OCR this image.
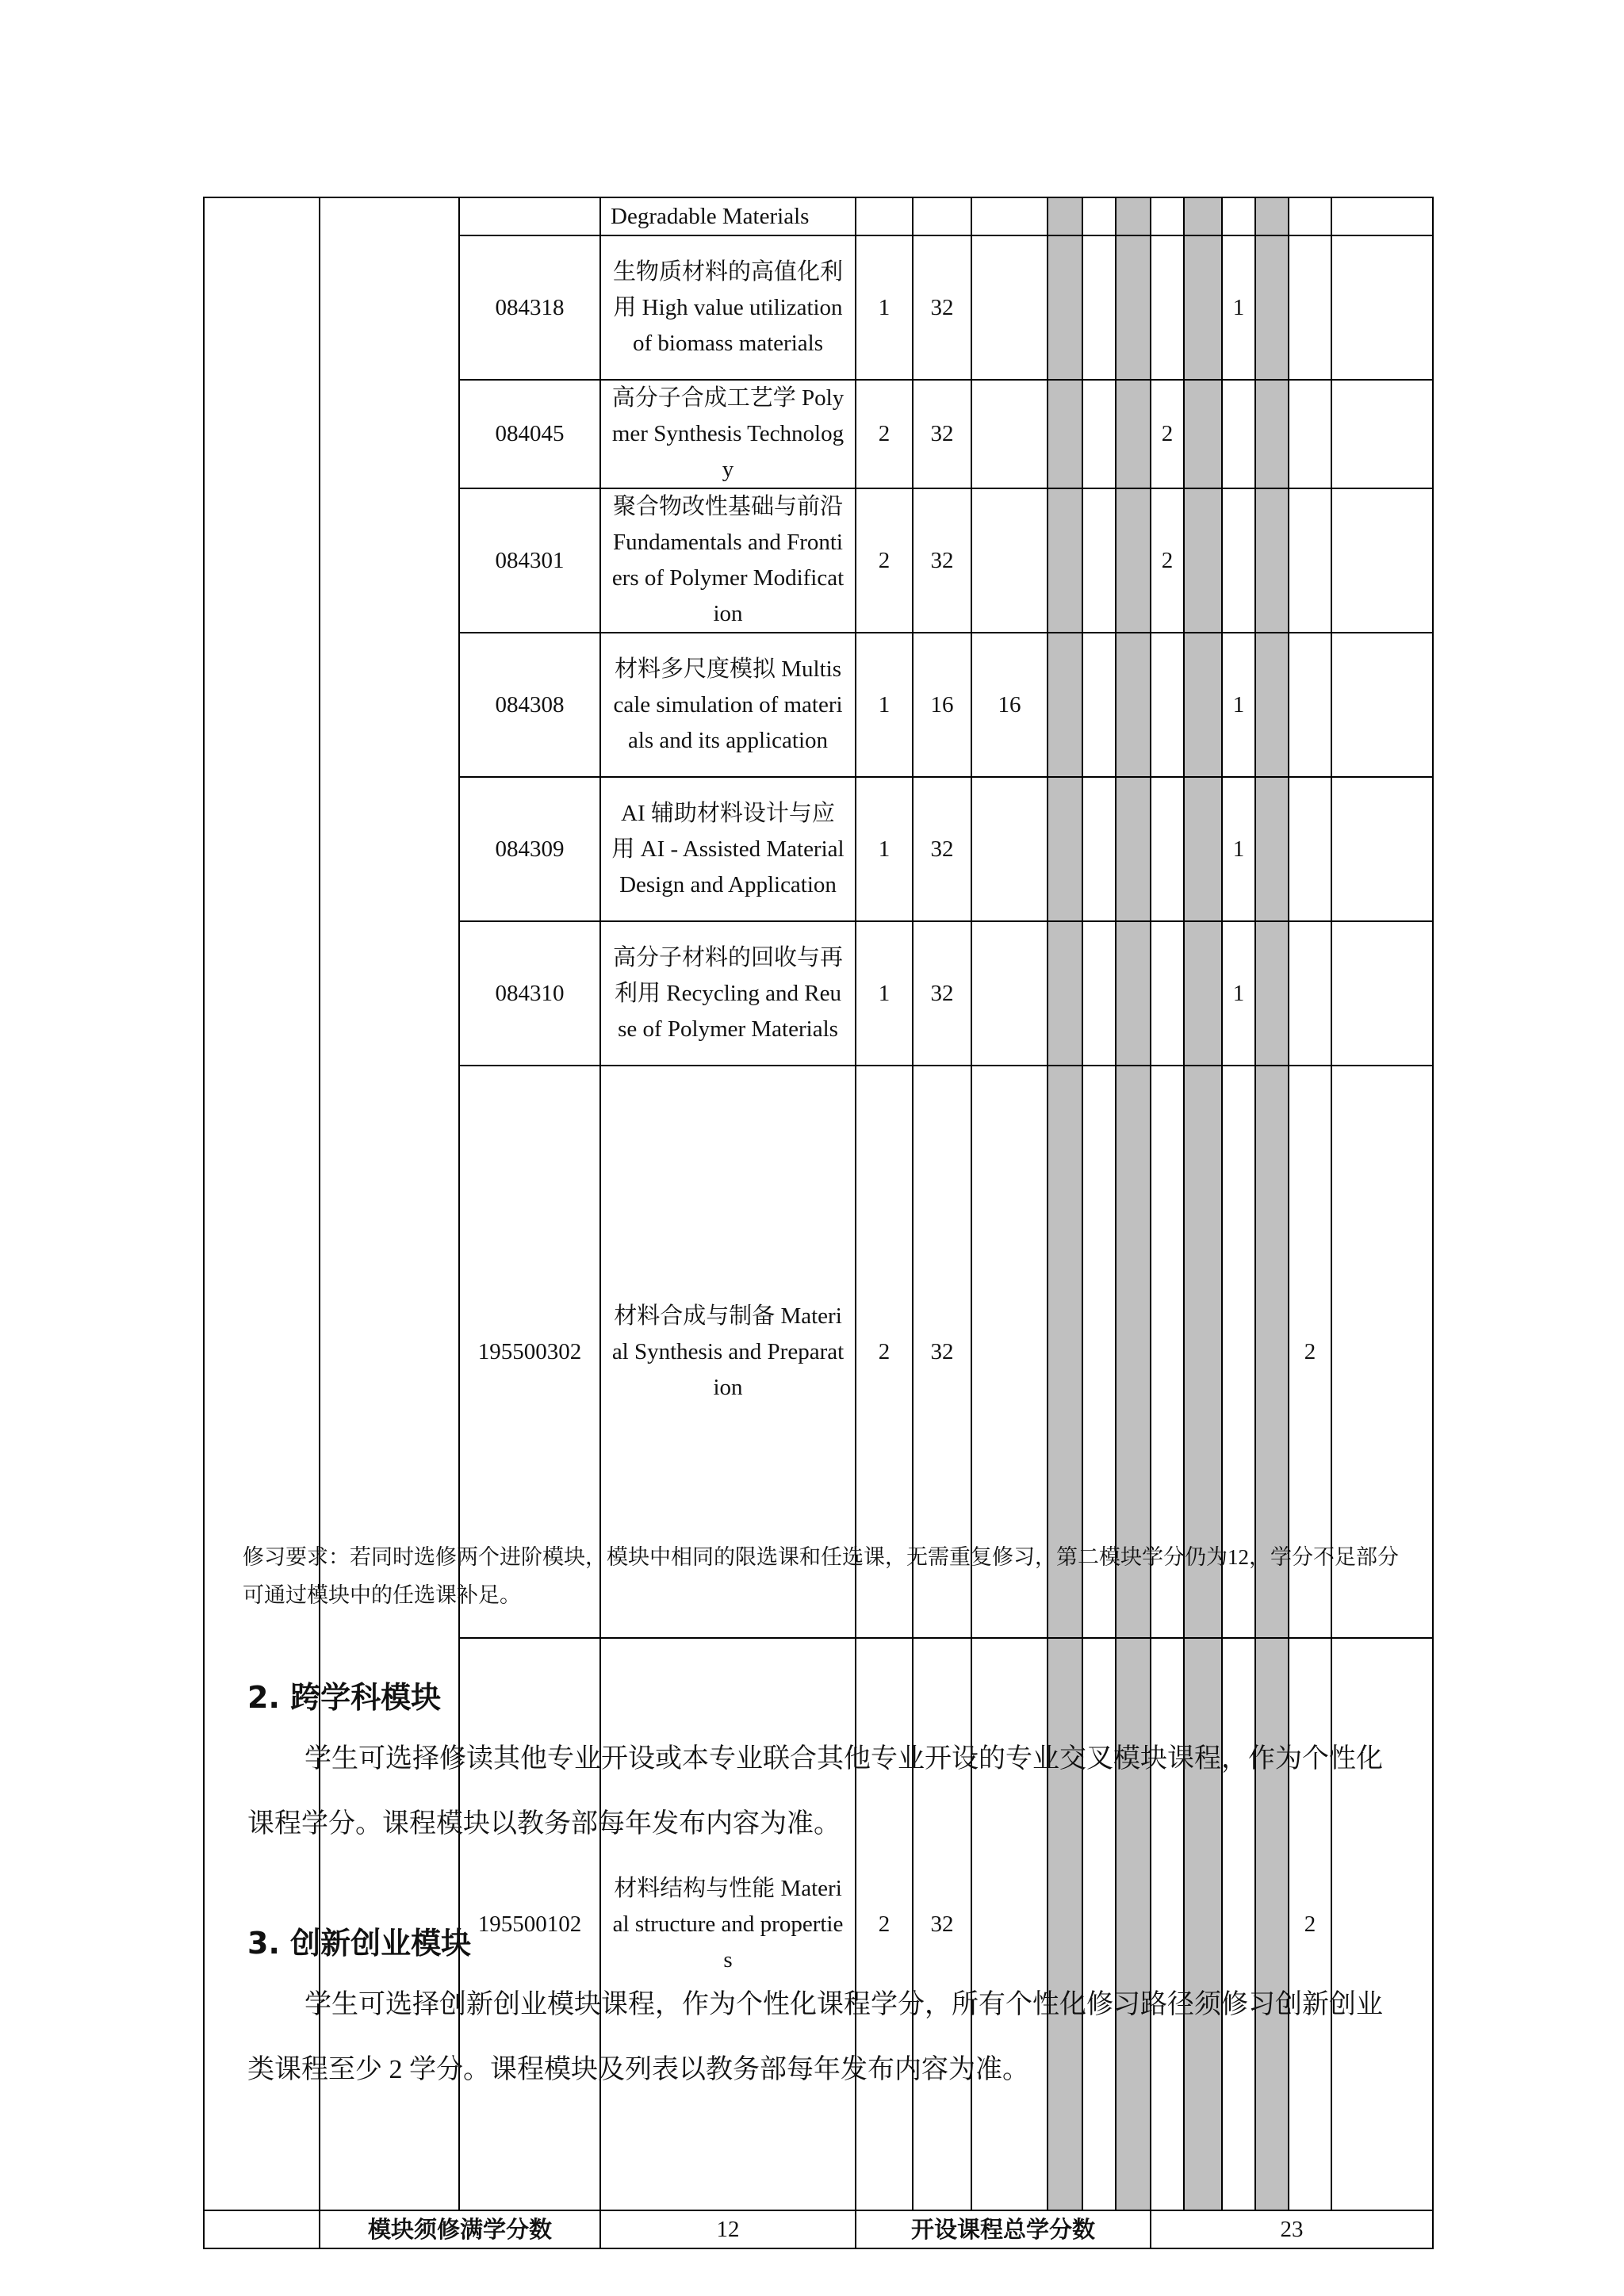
			Degradable Materials													
		084318	生物质材料的高值化利 用 High value utilization of biomass materials	1	32							1				
		084045	高分子合成工艺学 Polymer Synthesis Technology	2	32					2						
		084301	聚合物改性基础与前沿 Fundamentals and Frontiers of Polymer Modification	2	32					2						
		084308	材料多尺度模拟 Multiscale simulation of materials and its application	1	16	16						1				
		084309	AI 辅助材料设计与应用 AI - Assisted Material Design and Application	1	32							1				
		084310	高分子材料的回收与再利用 Recycling and Reuse of Polymer Materials	1	32							1				
		195500302	材料合成与制备 Material Synthesis and Preparation	2	32									2		
		195500102	材料结构与性能 Material structure and properties	2	32									2		
	模块须修满学分数		12	开设课程总学分数						23						
修习要求：若同时选修两个进阶模块，模块中相同的限选课和任选课，无需重复修习，第二模块学分仍为12，学分不足部分可通过模块中的任选课补足。
2. 跨学科模块
学生可选择修读其他专业开设或本专业联合其他专业开设的专业交叉模块课程，作为个性化课程学分。课程模块以教务部每年发布内容为准。
3. 创新创业模块
学生可选择创新创业模块课程，作为个性化课程学分，所有个性化修习路径须修习创新创业类课程至少 2 学分。课程模块及列表以教务部每年发布内容为准。
